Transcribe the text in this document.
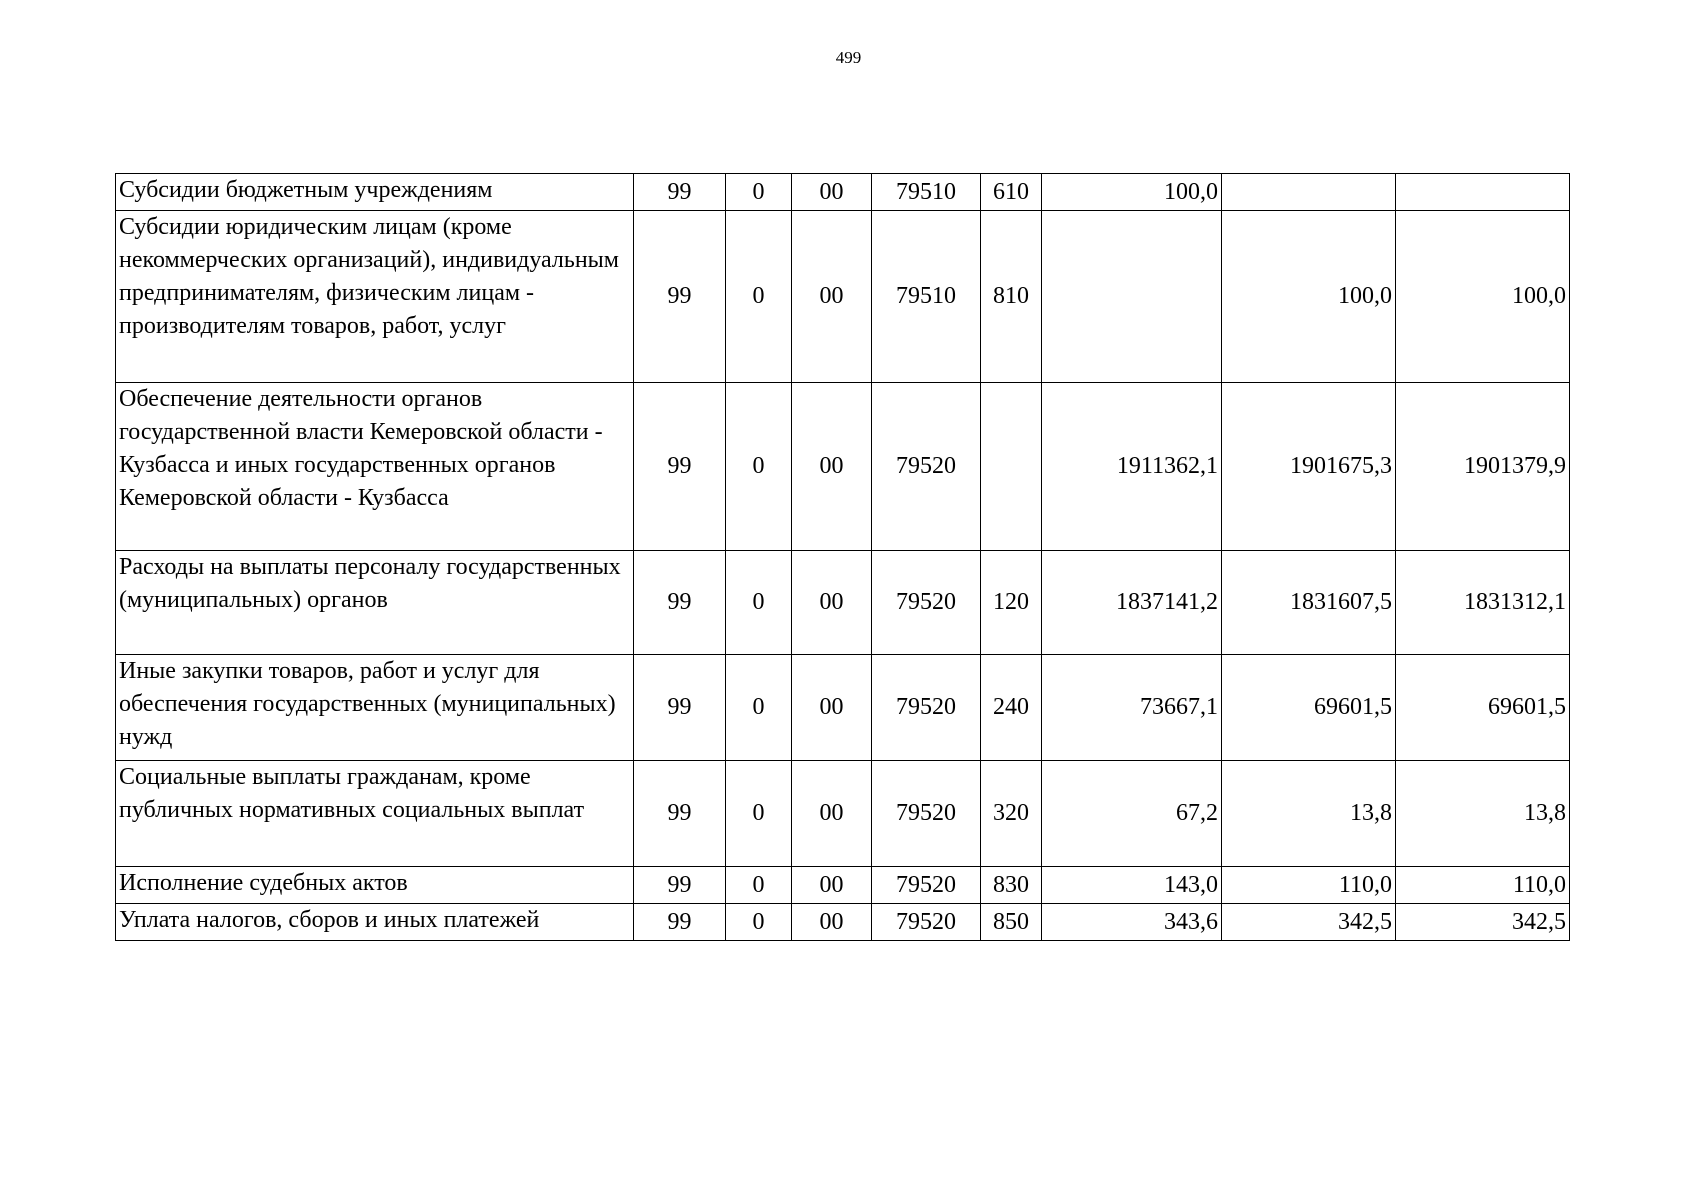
499
Субсидии бюджетным учреждениям	99	0	00	79510	610	100,0		
Субсидии юридическим лицам (кроме некоммерческих организаций), индивидуальным предпринимателям, физическим лицам - производителям товаров, работ, услуг	99	0	00	79510	810		100,0	100,0
Обеспечение деятельности органов государственной власти Кемеровской области - Кузбасса и иных государственных органов Кемеровской области - Кузбасса	99	0	00	79520		1911362,1	1901675,3	1901379,9
Расходы на выплаты персоналу государственных (муниципальных) органов	99	0	00	79520	120	1837141,2	1831607,5	1831312,1
Иные закупки товаров, работ и услуг для обеспечения государственных (муниципальных) нужд	99	0	00	79520	240	73667,1	69601,5	69601,5
Социальные выплаты гражданам, кроме публичных нормативных социальных выплат	99	0	00	79520	320	67,2	13,8	13,8
Исполнение судебных актов	99	0	00	79520	830	143,0	110,0	110,0
Уплата налогов, сборов и иных платежей	99	0	00	79520	850	343,6	342,5	342,5
